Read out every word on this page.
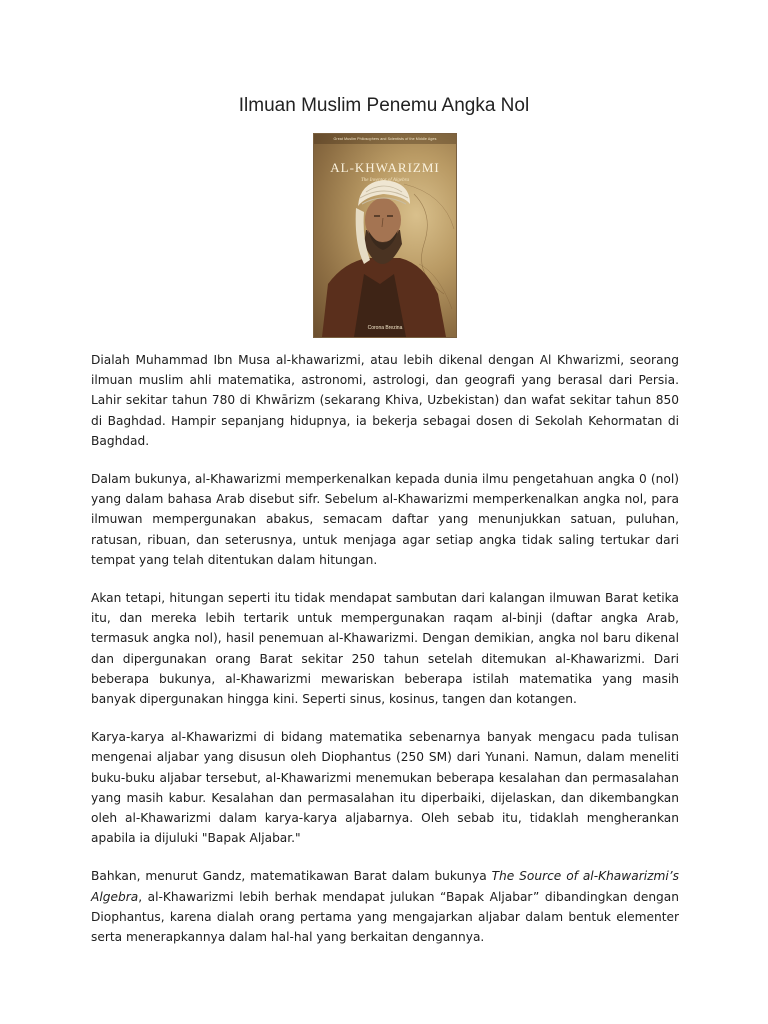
Ilmuan Muslim Penemu Angka Nol
Great Muslim Philosophers and Scientists of the Middle Ages
AL-KHWARIZMI
The Inventor of Algebra
Corona Brezina

Dialah Muhammad Ibn Musa al-khawarizmi, atau lebih dikenal dengan Al Khwarizmi, seorang ilmuan muslim ahli matematika, astronomi, astrologi, dan geografi yang berasal dari Persia. Lahir sekitar tahun 780 di Khwārizm (sekarang Khiva, Uzbekistan) dan wafat sekitar tahun 850 di Baghdad. Hampir sepanjang hidupnya, ia bekerja sebagai dosen di Sekolah Kehormatan di Baghdad.

Dalam bukunya, al-Khawarizmi memperkenalkan kepada dunia ilmu pengetahuan angka 0 (nol) yang dalam bahasa Arab disebut sifr. Sebelum al-Khawarizmi memperkenalkan angka nol, para ilmuwan mempergunakan abakus, semacam daftar yang menunjukkan satuan, puluhan, ratusan, ribuan, dan seterusnya, untuk menjaga agar setiap angka tidak saling tertukar dari tempat yang telah ditentukan dalam hitungan.

Akan tetapi, hitungan seperti itu tidak mendapat sambutan dari kalangan ilmuwan Barat ketika itu, dan mereka lebih tertarik untuk mempergunakan raqam al-binji (daftar angka Arab, termasuk angka nol), hasil penemuan al-Khawarizmi. Dengan demikian, angka nol baru dikenal dan dipergunakan orang Barat sekitar 250 tahun setelah ditemukan al-Khawarizmi. Dari beberapa bukunya, al-Khawarizmi mewariskan beberapa istilah matematika yang masih banyak dipergunakan hingga kini. Seperti sinus, kosinus, tangen dan kotangen.

Karya-karya al-Khawarizmi di bidang matematika sebenarnya banyak mengacu pada tulisan mengenai aljabar yang disusun oleh Diophantus (250 SM) dari Yunani. Namun, dalam meneliti buku-buku aljabar tersebut, al-Khawarizmi menemukan beberapa kesalahan dan permasalahan yang masih kabur. Kesalahan dan permasalahan itu diperbaiki, dijelaskan, dan dikembangkan oleh al-Khawarizmi dalam karya-karya aljabarnya. Oleh sebab itu, tidaklah mengherankan apabila ia dijuluki "Bapak Aljabar."

Bahkan, menurut Gandz, matematikawan Barat dalam bukunya The Source of al-Khawarizmi’s Algebra, al-Khawarizmi lebih berhak mendapat julukan “Bapak Aljabar” dibandingkan dengan Diophantus, karena dialah orang pertama yang mengajarkan aljabar dalam bentuk elementer serta menerapkannya dalam hal-hal yang berkaitan dengannya.
